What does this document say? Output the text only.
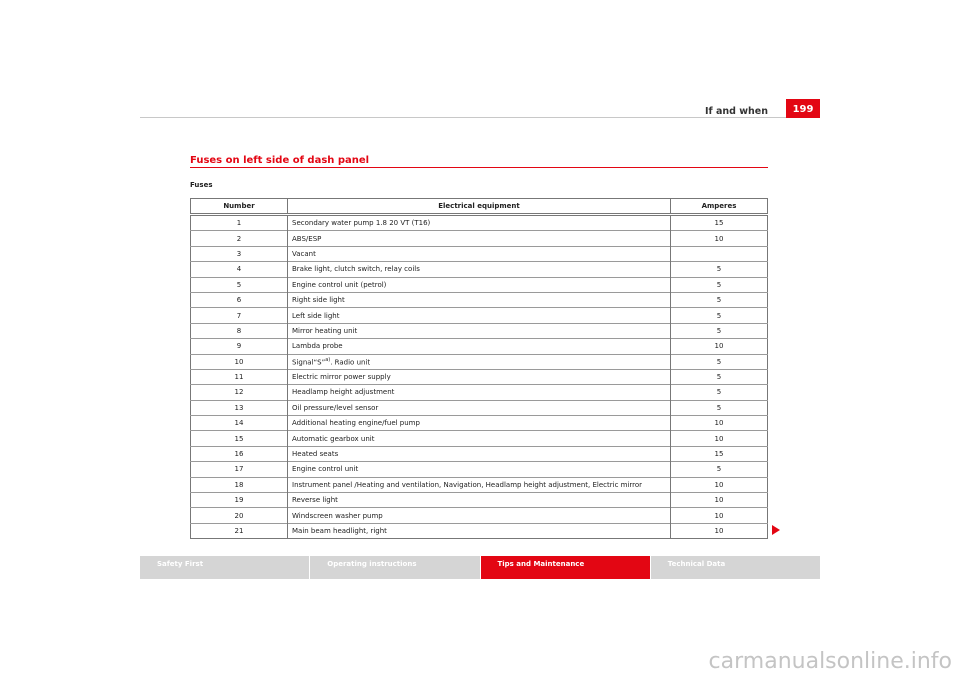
If and when	199
Fuses on left side of dash panel
Fuses
Number	Electrical equipment	Amperes
1	Secondary water pump 1.8 20 VT (T16)	15
2	ABS/ESP	10
3	Vacant	
4	Brake light, clutch switch, relay coils	5
5	Engine control unit (petrol)	5
6	Right side light	5
7	Left side light	5
8	Mirror heating unit	5
9	Lambda probe	10
10	Signal“S”$^{a)}$. Radio unit	5
11	Electric mirror power supply	5
12	Headlamp height adjustment	5
13	Oil pressure/level sensor	5
14	Additional heating engine/fuel pump	10
15	Automatic gearbox unit	10
16	Heated seats	15
17	Engine control unit	5
18	Instrument panel /Heating and ventilation, Navigation, Headlamp height adjustment, Electric mirror	10
19	Reverse light	10
20	Windscreen washer pump	10
21	Main beam headlight, right	10
Safety First	Operating instructions	Tips and Maintenance	Technical Data
carmanualsonline.info
